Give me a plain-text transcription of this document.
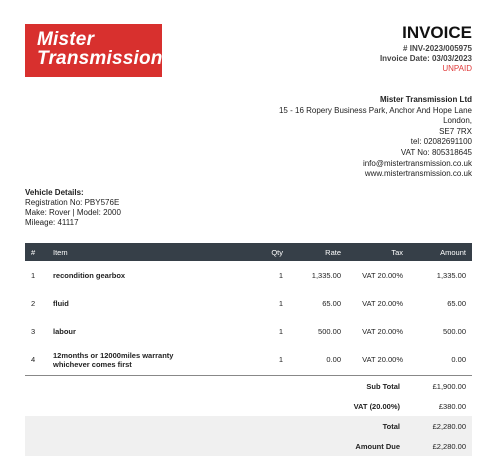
Mister
Transmission
INVOICE
# INV-2023/005975
Invoice Date: 03/03/2023
UNPAID
Mister Transmission Ltd
15 - 16 Ropery Business Park, Anchor And Hope Lane
London,
SE7 7RX
tel: 02082691100
VAT No: 805318645
info@mistertransmission.co.uk
www.mistertransmission.co.uk
Vehicle Details:
Registration No: PBY576E
Make: Rover | Model: 2000
Mileage: 41117
#	Item	Qty	Rate	Tax	Amount
1	recondition gearbox	1	1,335.00	VAT 20.00%	1,335.00
2	fluid	1	65.00	VAT 20.00%	65.00
3	labour	1	500.00	VAT 20.00%	500.00
4	12months or 12000miles warranty
whichever comes first	1	0.00	VAT 20.00%	0.00
Sub Total	£1,900.00
VAT (20.00%)	£380.00
Total	£2,280.00
Amount Due	£2,280.00
